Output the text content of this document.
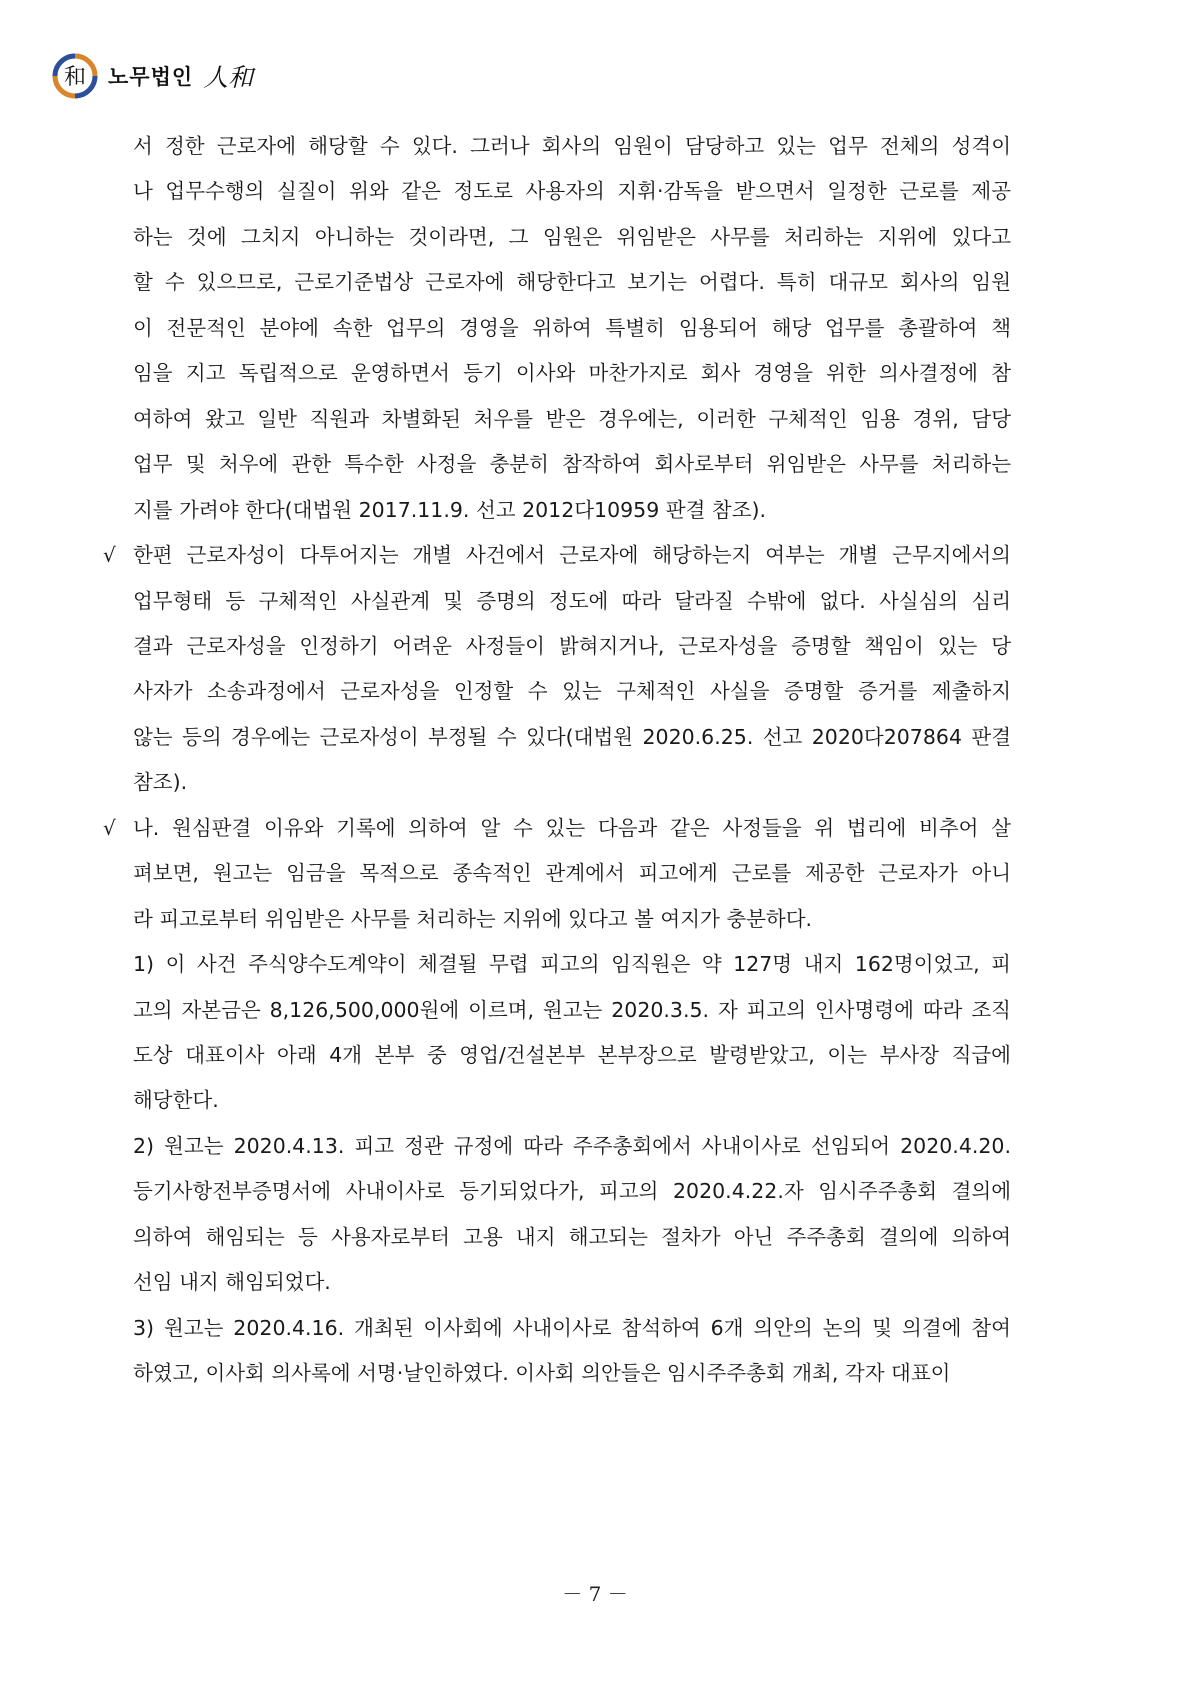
和 노무법인 人和
서 정한 근로자에 해당할 수 있다. 그러나 회사의 임원이 담당하고 있는 업무 전체의 성격이
나 업무수행의 실질이 위와 같은 정도로 사용자의 지휘·감독을 받으면서 일정한 근로를 제공
하는 것에 그치지 아니하는 것이라면, 그 임원은 위임받은 사무를 처리하는 지위에 있다고
할 수 있으므로, 근로기준법상 근로자에 해당한다고 보기는 어렵다. 특히 대규모 회사의 임원
이 전문적인 분야에 속한 업무의 경영을 위하여 특별히 임용되어 해당 업무를 총괄하여 책
임을 지고 독립적으로 운영하면서 등기 이사와 마찬가지로 회사 경영을 위한 의사결정에 참
여하여 왔고 일반 직원과 차별화된 처우를 받은 경우에는, 이러한 구체적인 임용 경위, 담당
업무 및 처우에 관한 특수한 사정을 충분히 참작하여 회사로부터 위임받은 사무를 처리하는
지를 가려야 한다(대법원 2017.11.9. 선고 2012다10959 판결 참조).
√ 한편 근로자성이 다투어지는 개별 사건에서 근로자에 해당하는지 여부는 개별 근무지에서의
업무형태 등 구체적인 사실관계 및 증명의 정도에 따라 달라질 수밖에 없다. 사실심의 심리
결과 근로자성을 인정하기 어려운 사정들이 밝혀지거나, 근로자성을 증명할 책임이 있는 당
사자가 소송과정에서 근로자성을 인정할 수 있는 구체적인 사실을 증명할 증거를 제출하지
않는 등의 경우에는 근로자성이 부정될 수 있다(대법원 2020.6.25. 선고 2020다207864 판결
참조).
√ 나. 원심판결 이유와 기록에 의하여 알 수 있는 다음과 같은 사정들을 위 법리에 비추어 살
펴보면, 원고는 임금을 목적으로 종속적인 관계에서 피고에게 근로를 제공한 근로자가 아니
라 피고로부터 위임받은 사무를 처리하는 지위에 있다고 볼 여지가 충분하다.
1) 이 사건 주식양수도계약이 체결될 무렵 피고의 임직원은 약 127명 내지 162명이었고, 피
고의 자본금은 8,126,500,000원에 이르며, 원고는 2020.3.5. 자 피고의 인사명령에 따라 조직
도상 대표이사 아래 4개 본부 중 영업/건설본부 본부장으로 발령받았고, 이는 부사장 직급에
해당한다.
2) 원고는 2020.4.13. 피고 정관 규정에 따라 주주총회에서 사내이사로 선임되어 2020.4.20.
등기사항전부증명서에 사내이사로 등기되었다가, 피고의 2020.4.22.자 임시주주총회 결의에
의하여 해임되는 등 사용자로부터 고용 내지 해고되는 절차가 아닌 주주총회 결의에 의하여
선임 내지 해임되었다.
3) 원고는 2020.4.16. 개최된 이사회에 사내이사로 참석하여 6개 의안의 논의 및 의결에 참여
하였고, 이사회 의사록에 서명·날인하였다. 이사회 의안들은 임시주주총회 개최, 각자 대표이
－ 7 －
